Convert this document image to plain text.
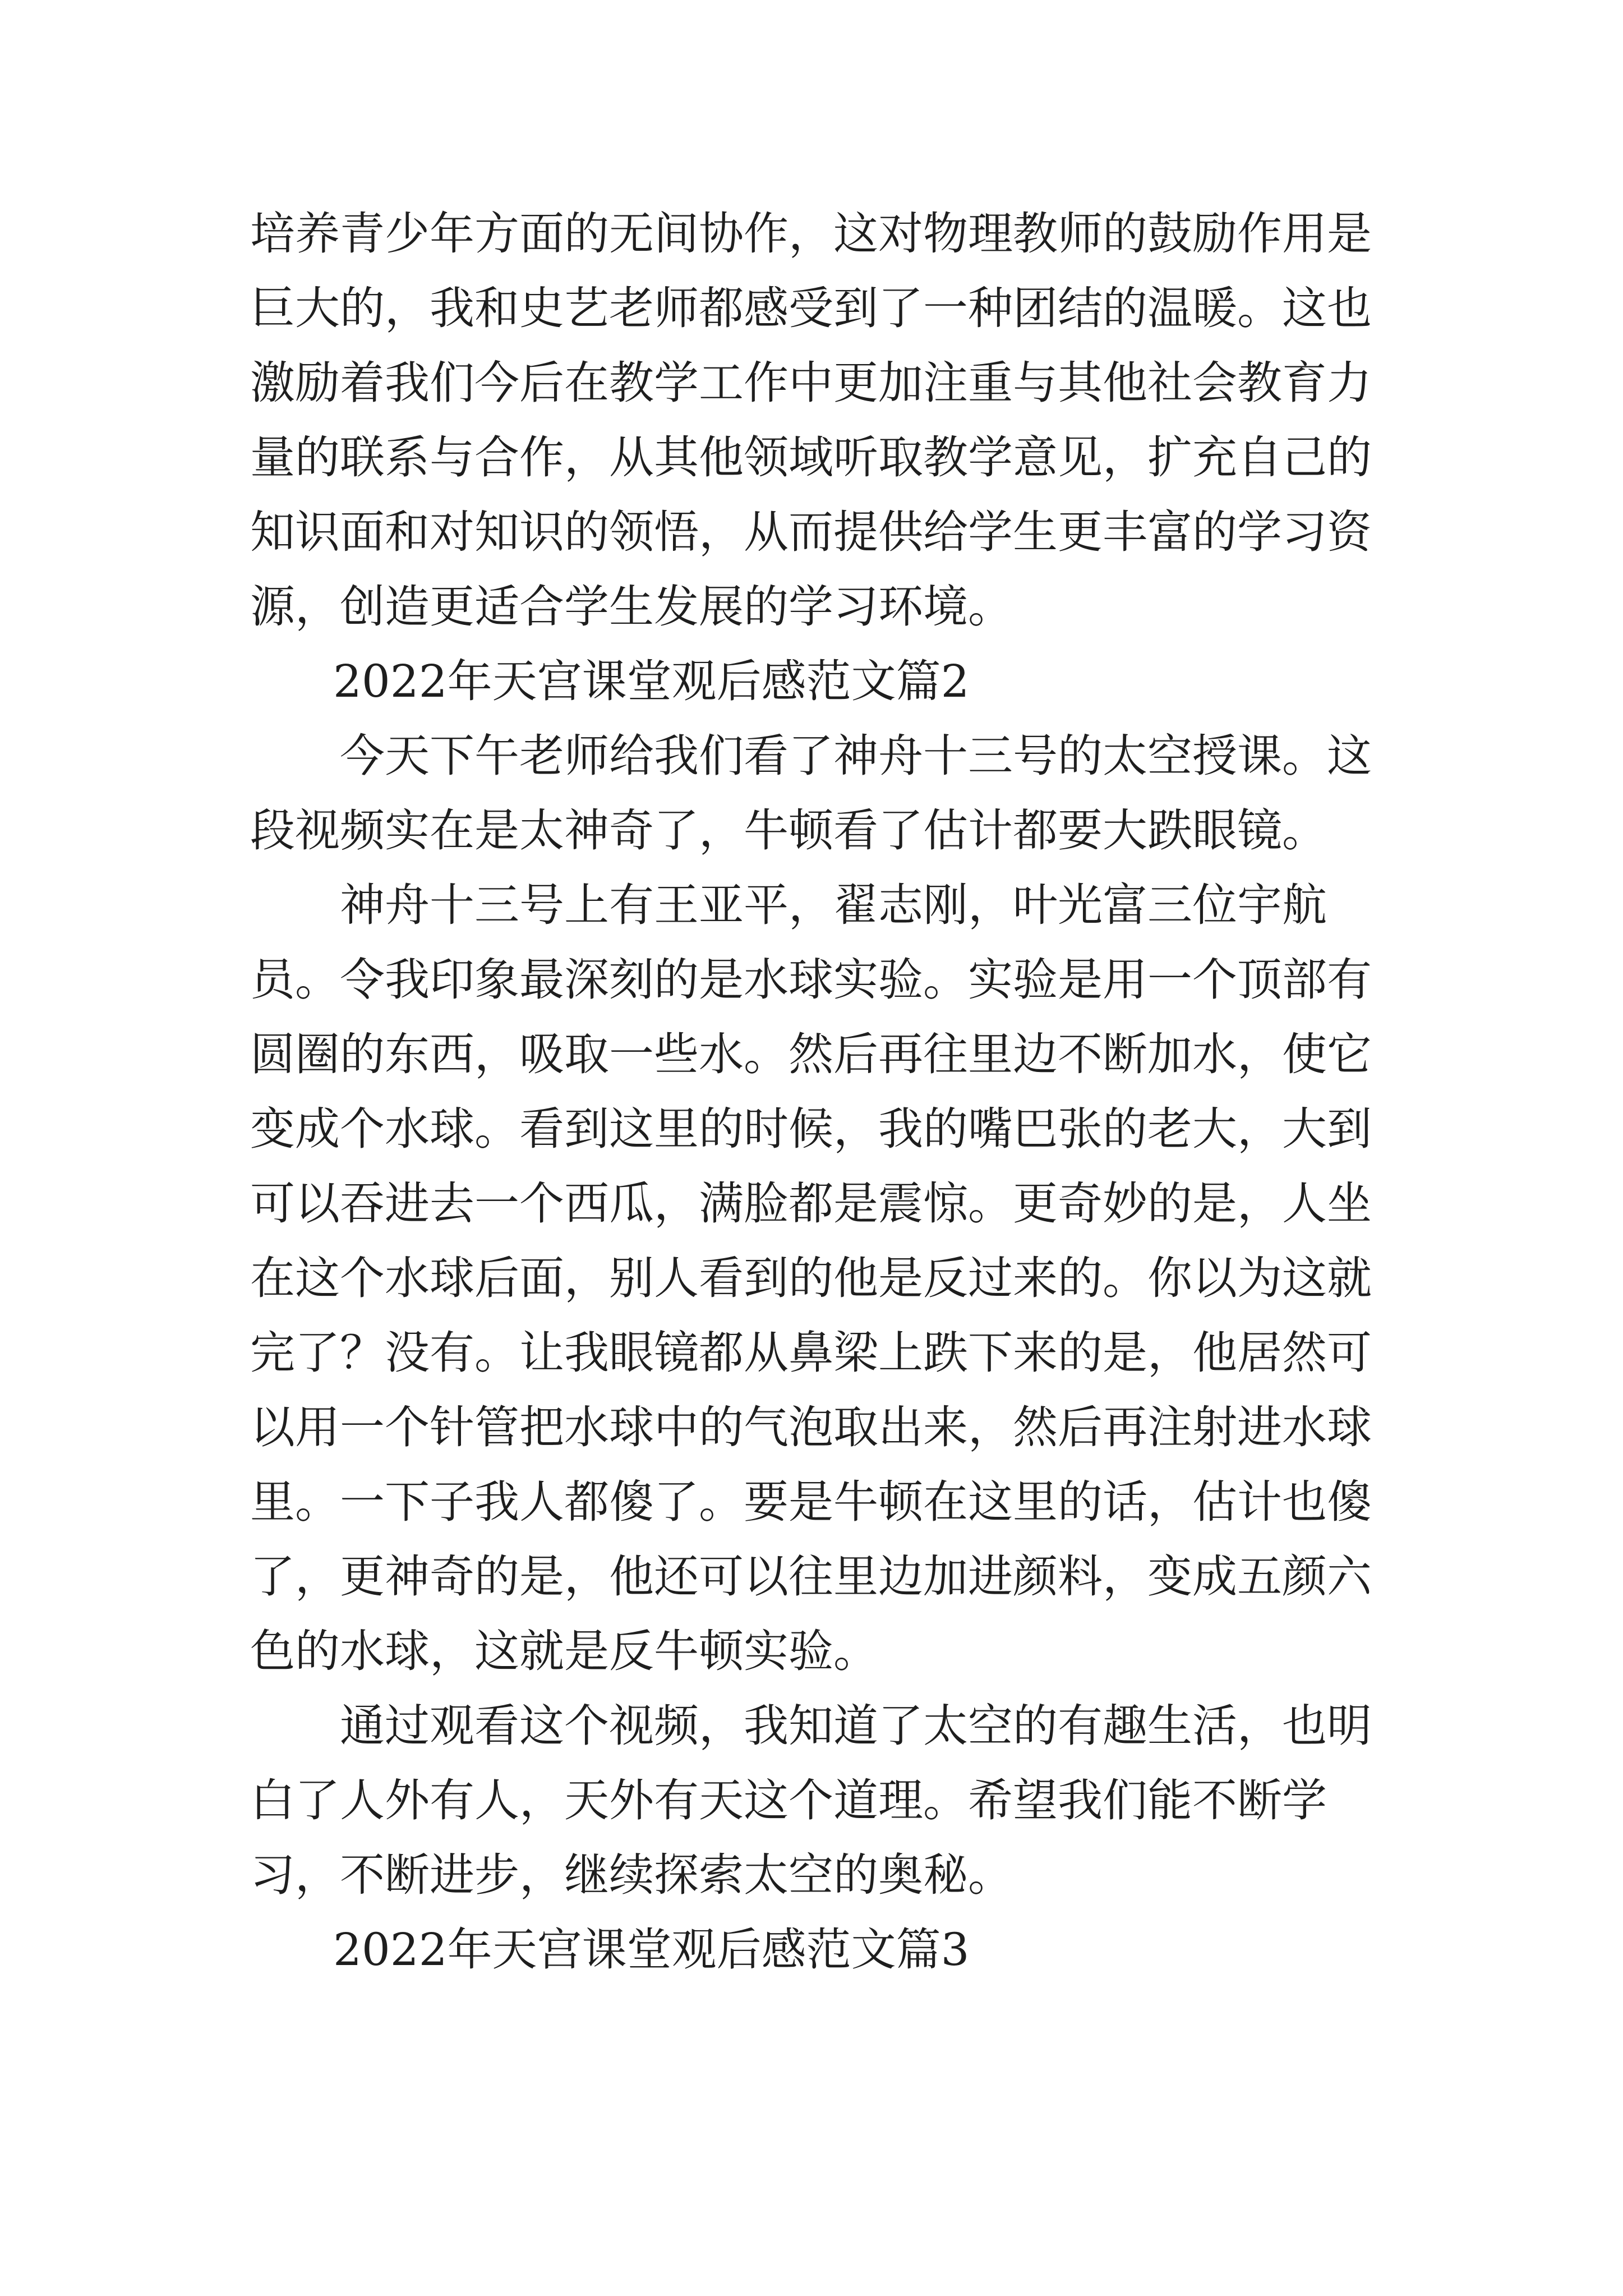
培养青少年方面的无间协作，这对物理教师的鼓励作用是巨大的，我和史艺老师都感受到了一种团结的温暖。这也激励着我们今后在教学工作中更加注重与其他社会教育力量的联系与合作，从其他领域听取教学意见，扩充自己的知识面和对知识的领悟，从而提供给学生更丰富的学习资源，创造更适合学生发展的学习环境。

2022年天宫课堂观后感范文篇2

今天下午老师给我们看了神舟十三号的太空授课。这段视频实在是太神奇了，牛顿看了估计都要大跌眼镜。

神舟十三号上有王亚平，翟志刚，叶光富三位宇航员。令我印象最深刻的是水球实验。实验是用一个顶部有圆圈的东西，吸取一些水。然后再往里边不断加水，使它变成个水球。看到这里的时候，我的嘴巴张的老大，大到可以吞进去一个西瓜，满脸都是震惊。更奇妙的是，人坐在这个水球后面，别人看到的他是反过来的。你以为这就完了？没有。让我眼镜都从鼻梁上跌下来的是，他居然可以用一个针管把水球中的气泡取出来，然后再注射进水球里。一下子我人都傻了。要是牛顿在这里的话，估计也傻了，更神奇的是，他还可以往里边加进颜料，变成五颜六色的水球，这就是反牛顿实验。

通过观看这个视频，我知道了太空的有趣生活，也明白了人外有人，天外有天这个道理。希望我们能不断学习，不断进步，继续探索太空的奥秘。

2022年天宫课堂观后感范文篇3
